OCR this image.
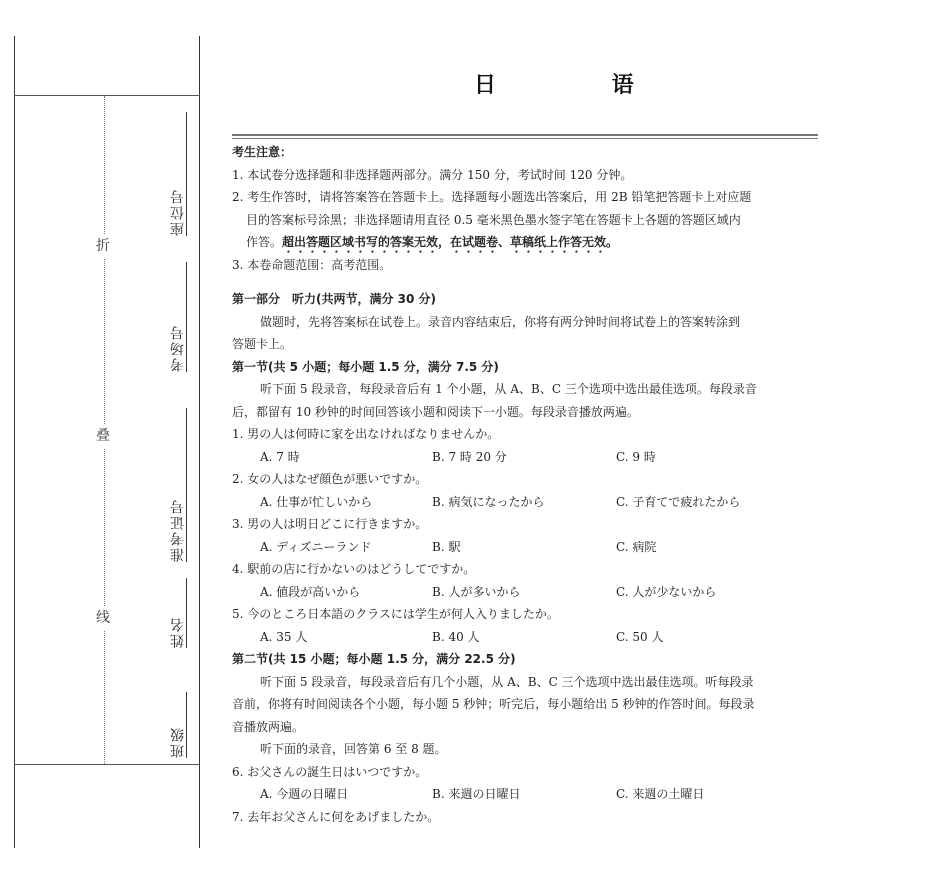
折
叠
线
座位号
考场号
准考证号
姓名
班级
日 语
考生注意：
1. 本试卷分选择题和非选择题两部分。满分 150 分，考试时间 120 分钟。
2. 考生作答时，请将答案答在答题卡上。选择题每小题选出答案后，用 2B 铅笔把答题卡上对应题
目的答案标号涂黑；非选择题请用直径 0.5 毫米黑色墨水签字笔在答题卡上各题的答题区域内
作答。超出答题区域书写的答案无效，在试题卷、草稿纸上作答无效。
3. 本卷命题范围：高考范围。
第一部分　听力(共两节，满分 30 分)
做题时，先将答案标在试卷上。录音内容结束后，你将有两分钟时间将试卷上的答案转涂到
答题卡上。
第一节(共 5 小题；每小题 1.5 分，满分 7.5 分)
听下面 5 段录音，每段录音后有 1 个小题，从 A、B、C 三个选项中选出最佳选项。每段录音
后，都留有 10 秒钟的时间回答该小题和阅读下一小题。每段录音播放两遍。
1. 男の人は何時に家を出なければなりませんか。
A. 7 時	B. 7 時 20 分	C. 9 時
2. 女の人はなぜ顔色が悪いですか。
A. 仕事が忙しいから	B. 病気になったから	C. 子育てで疲れたから
3. 男の人は明日どこに行きますか。
A. ディズニーランド	B. 駅	C. 病院
4. 駅前の店に行かないのはどうしてですか。
A. 値段が高いから	B. 人が多いから	C. 人が少ないから
5. 今のところ日本語のクラスには学生が何人入りましたか。
A. 35 人	B. 40 人	C. 50 人
第二节(共 15 小题；每小题 1.5 分，满分 22.5 分)
听下面 5 段录音，每段录音后有几个小题，从 A、B、C 三个选项中选出最佳选项。听每段录
音前，你将有时间阅读各个小题，每小题 5 秒钟；听完后，每小题给出 5 秒钟的作答时间。每段录
音播放两遍。
听下面的录音，回答第 6 至 8 题。
6. お父さんの誕生日はいつですか。
A. 今週の日曜日	B. 来週の日曜日	C. 来週の土曜日
7. 去年お父さんに何をあげましたか。
